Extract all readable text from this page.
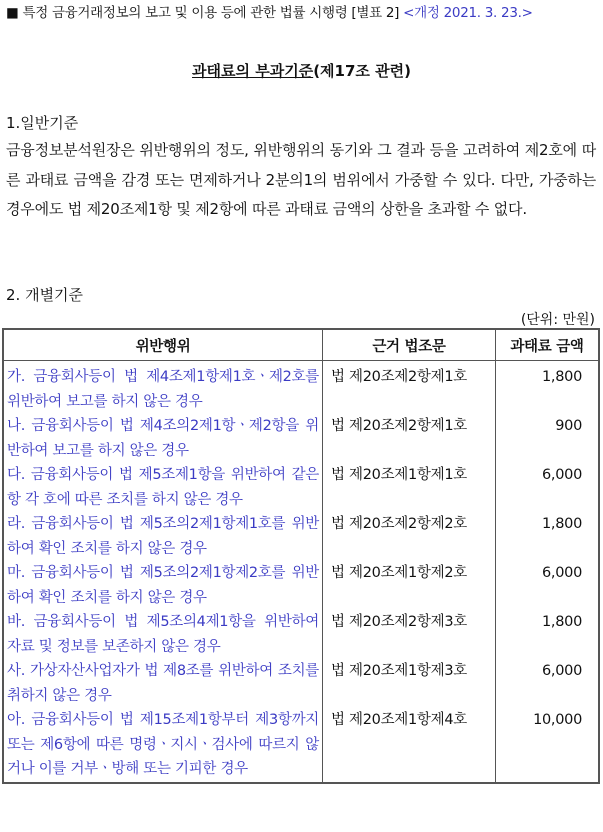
■ 특정 금융거래정보의 보고 및 이용 등에 관한 법률 시행령 [별표 2] <개정 2021. 3. 23.>
과태료의 부과기준(제17조 관련)
1.일반기준
금융정보분석원장은 위반행위의 정도, 위반행위의 동기와 그 결과 등을 고려하여 제2호에 따른 과태료 금액을 감경 또는 면제하거나 2분의1의 범위에서 가중할 수 있다. 다만, 가중하는 경우에도 법 제20조제1항 및 제2항에 따른 과태료 금액의 상한을 초과할 수 없다.
2. 개별기준
(단위: 만원)
위반행위	근거 법조문	과태료 금액
가. 금융회사등이 법 제4조제1항제1호ㆍ제2호를 위반하여 보고를 하지 않은 경우	법 제20조제2항제1호	1,800
나. 금융회사등이 법 제4조의2제1항ㆍ제2항을 위반하여 보고를 하지 않은 경우	법 제20조제2항제1호	900
다. 금융회사등이 법 제5조제1항을 위반하여 같은 항 각 호에 따른 조치를 하지 않은 경우	법 제20조제1항제1호	6,000
라. 금융회사등이 법 제5조의2제1항제1호를 위반하여 확인 조치를 하지 않은 경우	법 제20조제2항제2호	1,800
마. 금융회사등이 법 제5조의2제1항제2호를 위반하여 확인 조치를 하지 않은 경우	법 제20조제1항제2호	6,000
바. 금융회사등이 법 제5조의4제1항을 위반하여 자료 및 정보를 보존하지 않은 경우	법 제20조제2항제3호	1,800
사. 가상자산사업자가 법 제8조를 위반하여 조치를 취하지 않은 경우	법 제20조제1항제3호	6,000
아. 금융회사등이 법 제15조제1항부터 제3항까지 또는 제6항에 따른 명령ㆍ지시ㆍ검사에 따르지 않거나 이를 거부ㆍ방해 또는 기피한 경우	법 제20조제1항제4호	10,000
